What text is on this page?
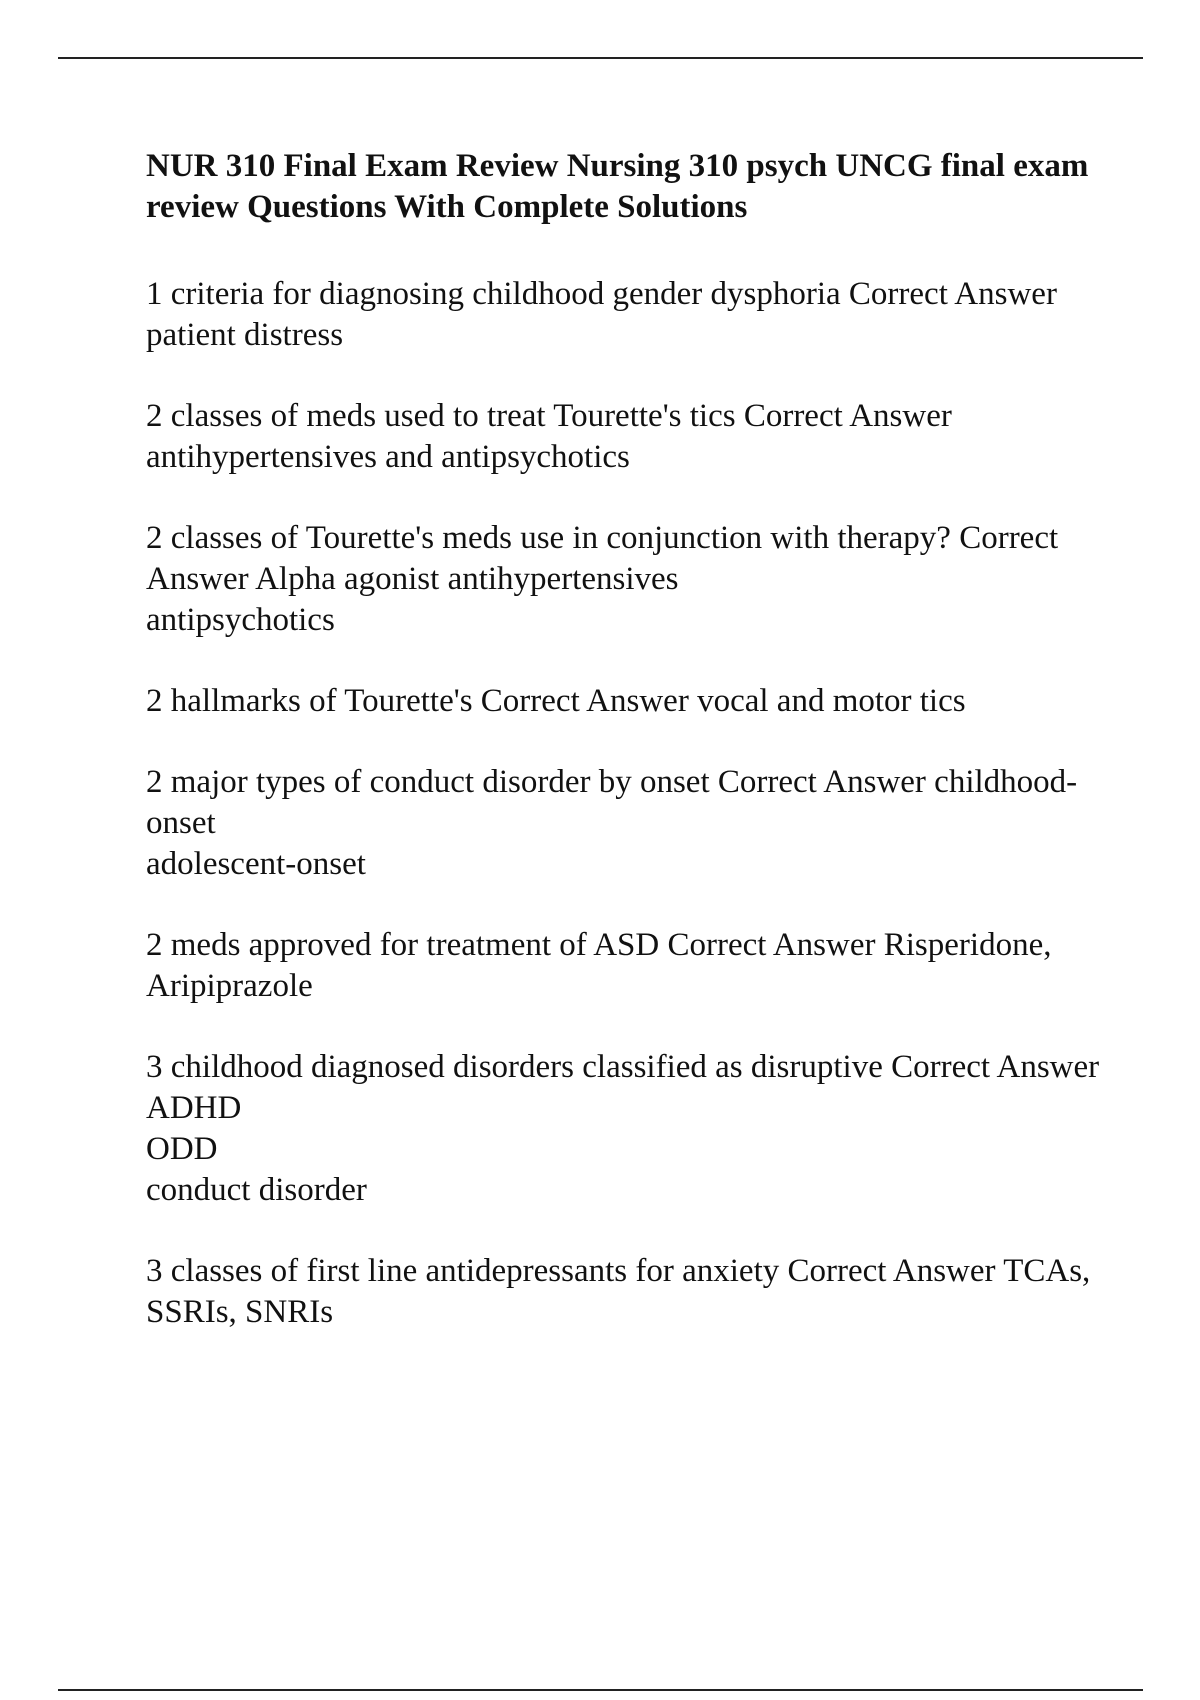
NUR 310 Final Exam Review Nursing 310 psych UNCG final exam review Questions With Complete Solutions
1 criteria for diagnosing childhood gender dysphoria Correct Answer patient distress
2 classes of meds used to treat Tourette's tics Correct Answer antihypertensives and antipsychotics
2 classes of Tourette's meds use in conjunction with therapy? Correct Answer Alpha agonist antihypertensives
antipsychotics
2 hallmarks of Tourette's Correct Answer vocal and motor tics
2 major types of conduct disorder by onset Correct Answer childhood-onset
adolescent-onset
2 meds approved for treatment of ASD Correct Answer Risperidone, Aripiprazole
3 childhood diagnosed disorders classified as disruptive Correct Answer ADHD
ODD
conduct disorder
3 classes of first line antidepressants for anxiety Correct Answer TCAs, SSRIs, SNRIs
